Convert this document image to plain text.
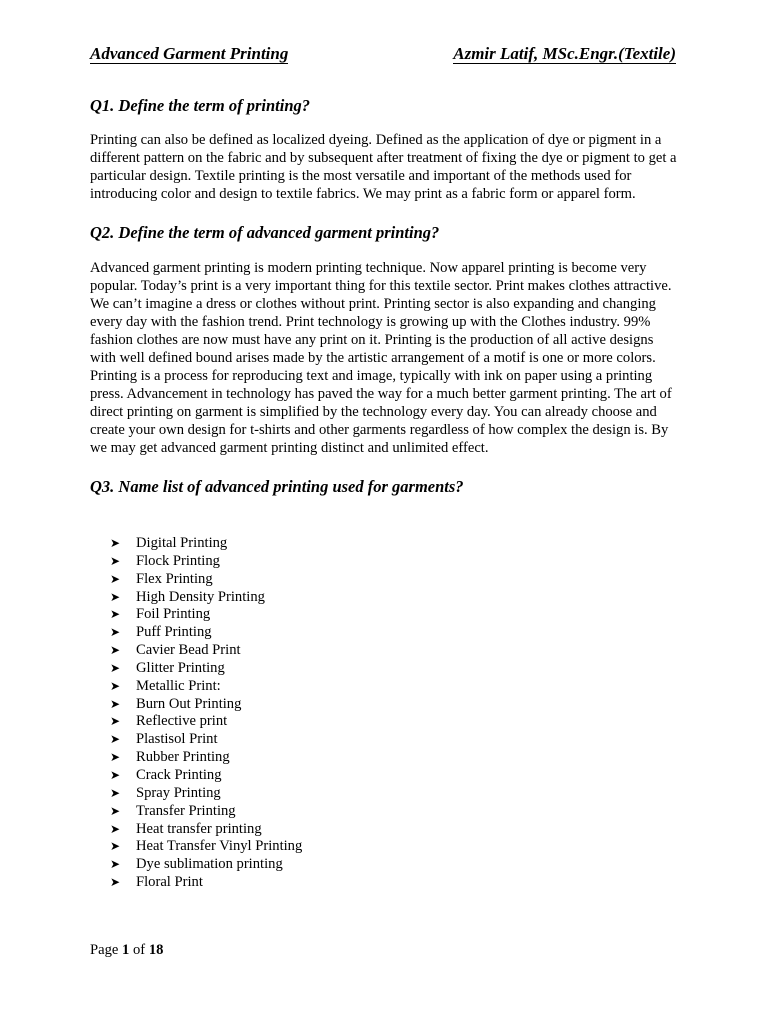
Advanced Garment Printing	Azmir Latif, MSc.Engr.(Textile)
Q1. Define the term of printing?
Printing can also be defined as localized dyeing. Defined as the application of dye or pigment in a different pattern on the fabric and by subsequent after treatment of fixing the dye or pigment to get a particular design. Textile printing is the most versatile and important of the methods used for introducing color and design to textile fabrics. We may print as a fabric form or apparel form.
Q2. Define the term of advanced garment printing?
Advanced garment printing is modern printing technique. Now apparel printing is become very popular. Today’s print is a very important thing for this textile sector. Print makes clothes attractive. We can’t imagine a dress or clothes without print. Printing sector is also expanding and changing every day with the fashion trend. Print technology is growing up with the Clothes industry. 99% fashion clothes are now must have any print on it. Printing is the production of all active designs with well defined bound arises made by the artistic arrangement of a motif is one or more colors. Printing is a process for reproducing text and image, typically with ink on paper using a printing press. Advancement in technology has paved the way for a much better garment printing. The art of direct printing on garment is simplified by the technology every day. You can already choose and create your own design for t-shirts and other garments regardless of how complex the design is. By we may get advanced garment printing distinct and unlimited effect.
Q3. Name list of advanced printing used for garments?
➤	Digital Printing
➤	Flock Printing
➤	Flex Printing
➤	High Density Printing
➤	Foil Printing
➤	Puff Printing
➤	Cavier Bead Print
➤	Glitter Printing
➤	Metallic Print:
➤	Burn Out Printing
➤	Reflective print
➤	Plastisol Print
➤	Rubber Printing
➤	Crack Printing
➤	Spray Printing
➤	Transfer Printing
➤	Heat transfer printing
➤	Heat Transfer Vinyl Printing
➤	Dye sublimation printing
➤	Floral Print
Page 1 of 18
